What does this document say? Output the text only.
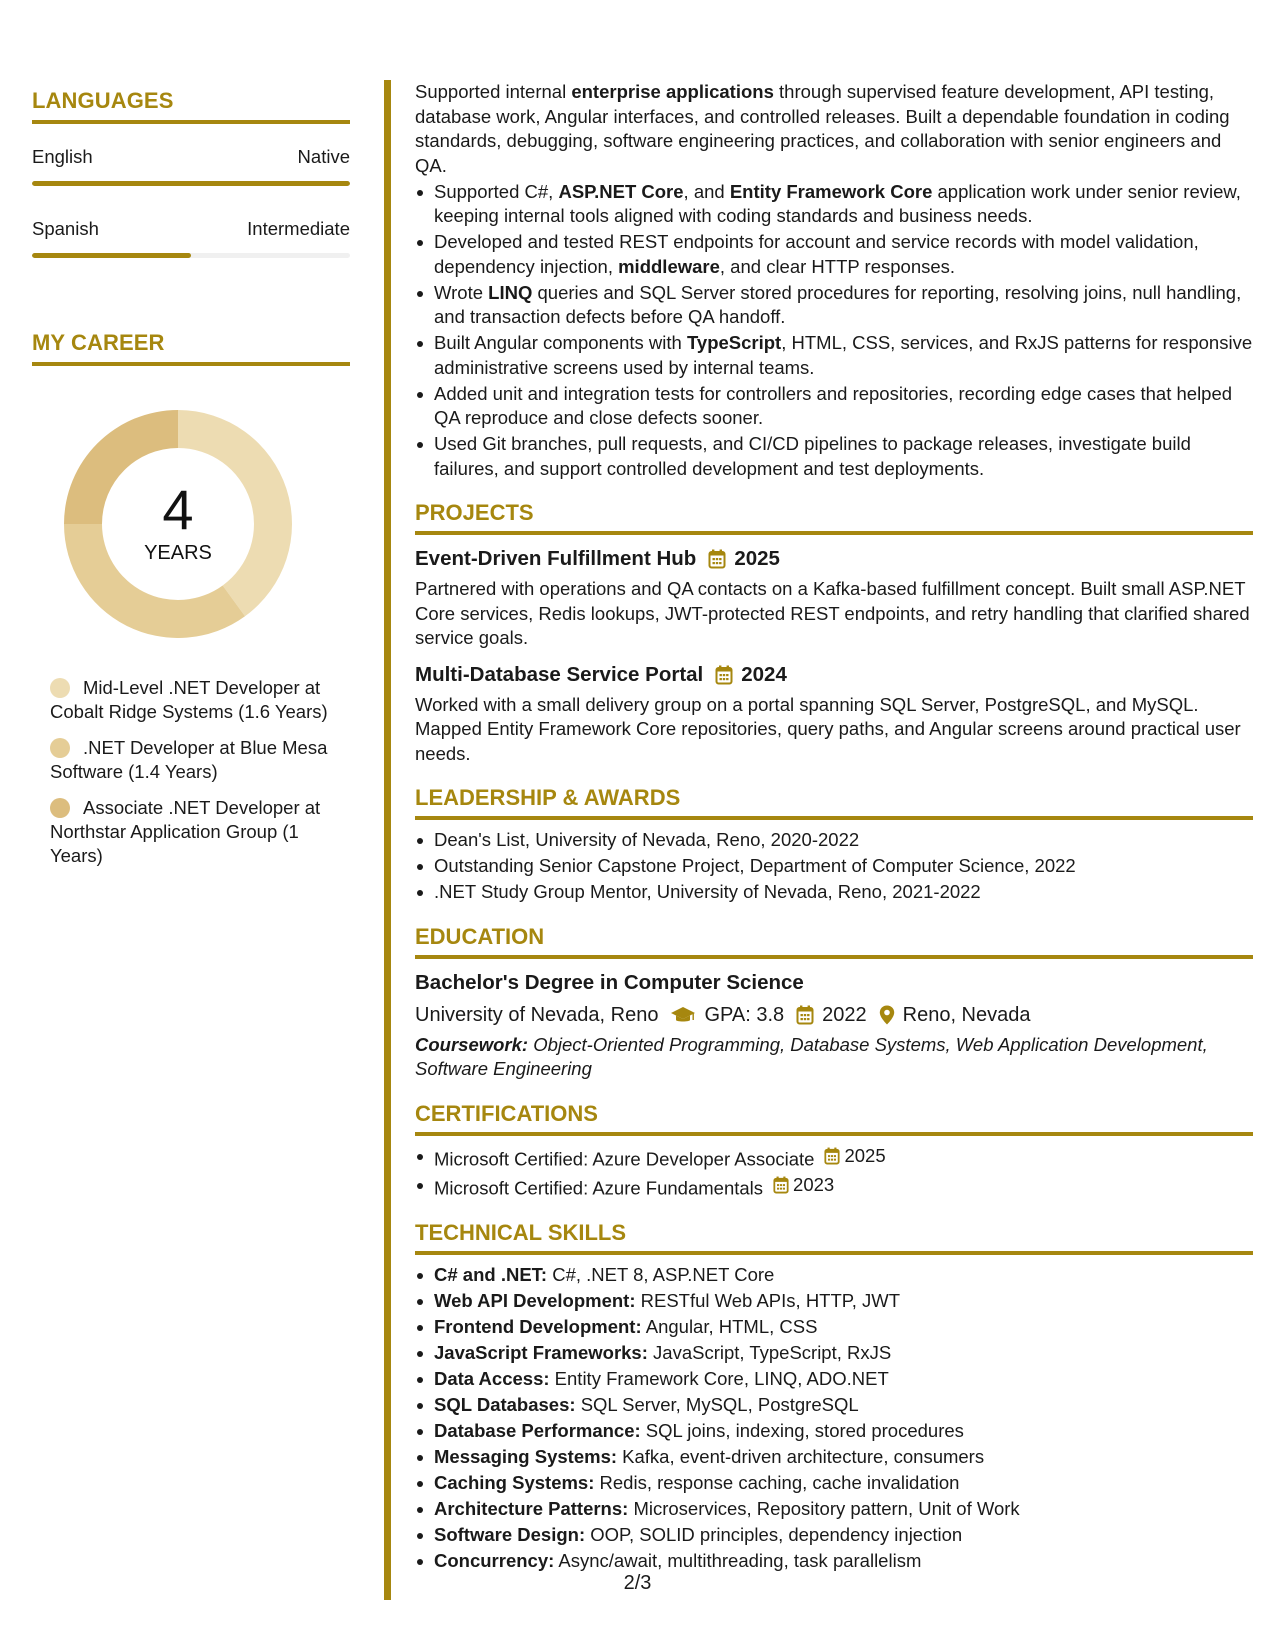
LANGUAGES
English	Native
Spanish	Intermediate
MY CAREER
4
YEARS
Mid-Level .NET Developer at Cobalt Ridge Systems (1.6 Years)
.NET Developer at Blue Mesa Software (1.4 Years)
Associate .NET Developer at Northstar Application Group (1 Years)

Supported internal enterprise applications through supervised feature development, API testing, database work, Angular interfaces, and controlled releases. Built a dependable foundation in coding standards, debugging, software engineering practices, and collaboration with senior engineers and QA.

Supported C#, ASP.NET Core, and Entity Framework Core application work under senior review, keeping internal tools aligned with coding standards and business needs.
Developed and tested REST endpoints for account and service records with model validation, dependency injection, middleware, and clear HTTP responses.
Wrote LINQ queries and SQL Server stored procedures for reporting, resolving joins, null handling, and transaction defects before QA handoff.
Built Angular components with TypeScript, HTML, CSS, services, and RxJS patterns for responsive administrative screens used by internal teams.
Added unit and integration tests for controllers and repositories, recording edge cases that helped QA reproduce and close defects sooner.
Used Git branches, pull requests, and CI/CD pipelines to package releases, investigate build failures, and support controlled development and test deployments.
PROJECTS
Event-Driven Fulfillment Hub 2025

Partnered with operations and QA contacts on a Kafka-based fulfillment concept. Built small ASP.NET Core services, Redis lookups, JWT-protected REST endpoints, and retry handling that clarified shared service goals.

Multi-Database Service Portal 2024

Worked with a small delivery group on a portal spanning SQL Server, PostgreSQL, and MySQL. Mapped Entity Framework Core repositories, query paths, and Angular screens around practical user needs.

LEADERSHIP & AWARDS
Dean's List, University of Nevada, Reno, 2020-2022
Outstanding Senior Capstone Project, Department of Computer Science, 2022
.NET Study Group Mentor, University of Nevada, Reno, 2021-2022
EDUCATION
Bachelor's Degree in Computer Science
University of Nevada, Reno GPA: 3.8 2022 Reno, Nevada

Coursework: Object-Oriented Programming, Database Systems, Web Application Development, Software Engineering

CERTIFICATIONS
Microsoft Certified: Azure Developer Associate 2025
Microsoft Certified: Azure Fundamentals 2023
TECHNICAL SKILLS
C# and .NET: C#, .NET 8, ASP.NET Core
Web API Development: RESTful Web APIs, HTTP, JWT
Frontend Development: Angular, HTML, CSS
JavaScript Frameworks: JavaScript, TypeScript, RxJS
Data Access: Entity Framework Core, LINQ, ADO.NET
SQL Databases: SQL Server, MySQL, PostgreSQL
Database Performance: SQL joins, indexing, stored procedures
Messaging Systems: Kafka, event-driven architecture, consumers
Caching Systems: Redis, response caching, cache invalidation
Architecture Patterns: Microservices, Repository pattern, Unit of Work
Software Design: OOP, SOLID principles, dependency injection
Concurrency: Async/await, multithreading, task parallelism
2/3
